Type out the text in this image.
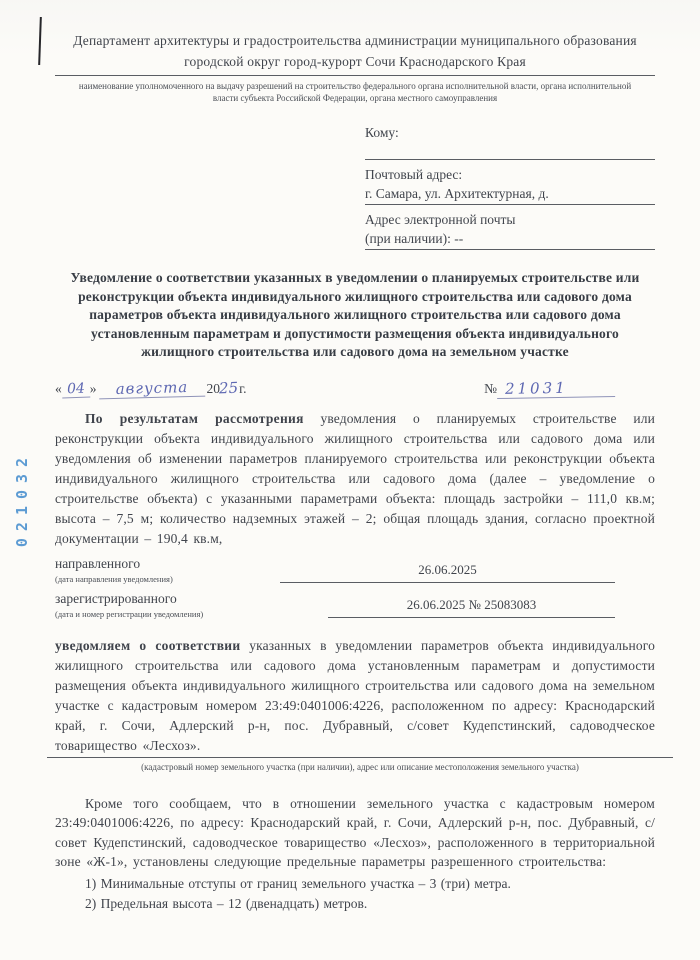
021032
Департамент архитектуры и градостроительства администрации муниципального образования
городской округ город-курорт Сочи Краснодарского Края
наименование уполномоченного на выдачу разрешений на строительство федерального органа исполнительной власти, органа исполнительной власти субъекта Российской Федерации, органа местного самоуправления
Кому:
Почтовый адрес:
г. Самара, ул. Архитектурная, д.
Адрес электронной почты
(при наличии): --
Уведомление о соответствии указанных в уведомлении о планируемых строительстве или реконструкции объекта индивидуального жилищного строительства или садового дома параметров объекта индивидуального жилищного строительства или садового дома установленным параметрам и допустимости размещения объекта индивидуального жилищного строительства или садового дома на земельном участке
« 04 » августа 2025г.	№ 21031

По результатам рассмотрения уведомления о планируемых строительстве или реконструкции объекта индивидуального жилищного строительства или садового дома или уведомления об изменении параметров планируемого строительства или реконструкции объекта индивидуального жилищного строительства или садового дома (далее – уведомление о строительстве объекта) с указанными параметрами объекта: площадь застройки – 111,0 кв.м; высота – 7,5 м; количество надземных этажей – 2; общая площадь здания, согласно проектной документации – 190,4 кв.м,

направленного
(дата направления уведомления)
26.06.2025
зарегистрированного
(дата и номер регистрации уведомления)
26.06.2025 № 25083083

уведомляем о соответствии указанных в уведомлении параметров объекта индивидуального жилищного строительства или садового дома установленным параметрам и допустимости размещения объекта индивидуального жилищного строительства или садового дома на земельном участке с кадастровым номером 23:49:0401006:4226, расположенном по адресу: Краснодарский край, г. Сочи, Адлерский р-н, пос. Дубравный, с/совет Кудепстинский, садоводческое товарищество «Лесхоз».

(кадастровый номер земельного участка (при наличии), адрес или описание местоположения земельного участка)

Кроме того сообщаем, что в отношении земельного участка с кадастровым номером 23:49:0401006:4226, по адресу: Краснодарский край, г. Сочи, Адлерский р-н, пос. Дубравный, с/совет Кудепстинский, садоводческое товарищество «Лесхоз», расположенного в территориальной зоне «Ж-1», установлены следующие предельные параметры разрешенного строительства:

1) Минимальные отступы от границ земельного участка – 3 (три) метра.
2) Предельная высота – 12 (двенадцать) метров.
